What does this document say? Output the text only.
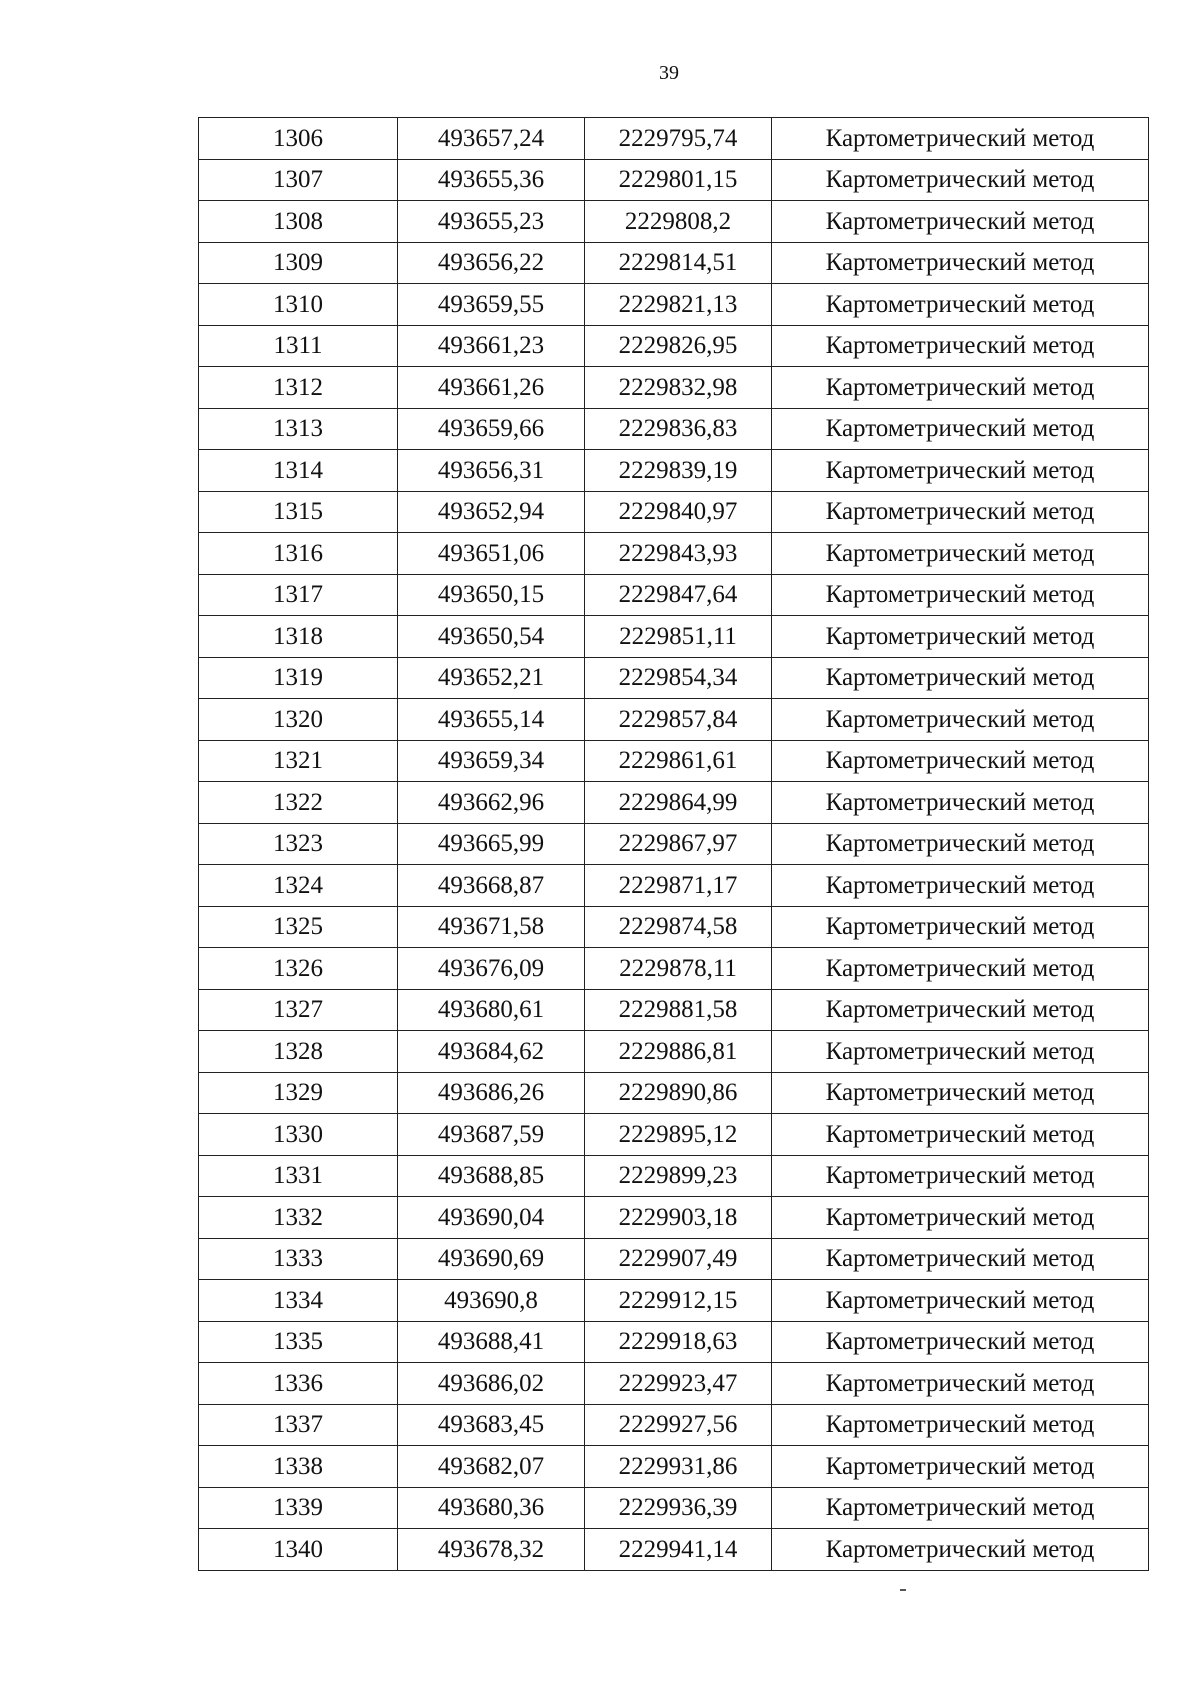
39
1306	493657,24	2229795,74	Картометрический метод
1307	493655,36	2229801,15	Картометрический метод
1308	493655,23	2229808,2	Картометрический метод
1309	493656,22	2229814,51	Картометрический метод
1310	493659,55	2229821,13	Картометрический метод
1311	493661,23	2229826,95	Картометрический метод
1312	493661,26	2229832,98	Картометрический метод
1313	493659,66	2229836,83	Картометрический метод
1314	493656,31	2229839,19	Картометрический метод
1315	493652,94	2229840,97	Картометрический метод
1316	493651,06	2229843,93	Картометрический метод
1317	493650,15	2229847,64	Картометрический метод
1318	493650,54	2229851,11	Картометрический метод
1319	493652,21	2229854,34	Картометрический метод
1320	493655,14	2229857,84	Картометрический метод
1321	493659,34	2229861,61	Картометрический метод
1322	493662,96	2229864,99	Картометрический метод
1323	493665,99	2229867,97	Картометрический метод
1324	493668,87	2229871,17	Картометрический метод
1325	493671,58	2229874,58	Картометрический метод
1326	493676,09	2229878,11	Картометрический метод
1327	493680,61	2229881,58	Картометрический метод
1328	493684,62	2229886,81	Картометрический метод
1329	493686,26	2229890,86	Картометрический метод
1330	493687,59	2229895,12	Картометрический метод
1331	493688,85	2229899,23	Картометрический метод
1332	493690,04	2229903,18	Картометрический метод
1333	493690,69	2229907,49	Картометрический метод
1334	493690,8	2229912,15	Картометрический метод
1335	493688,41	2229918,63	Картометрический метод
1336	493686,02	2229923,47	Картометрический метод
1337	493683,45	2229927,56	Картометрический метод
1338	493682,07	2229931,86	Картометрический метод
1339	493680,36	2229936,39	Картометрический метод
1340	493678,32	2229941,14	Картометрический метод
